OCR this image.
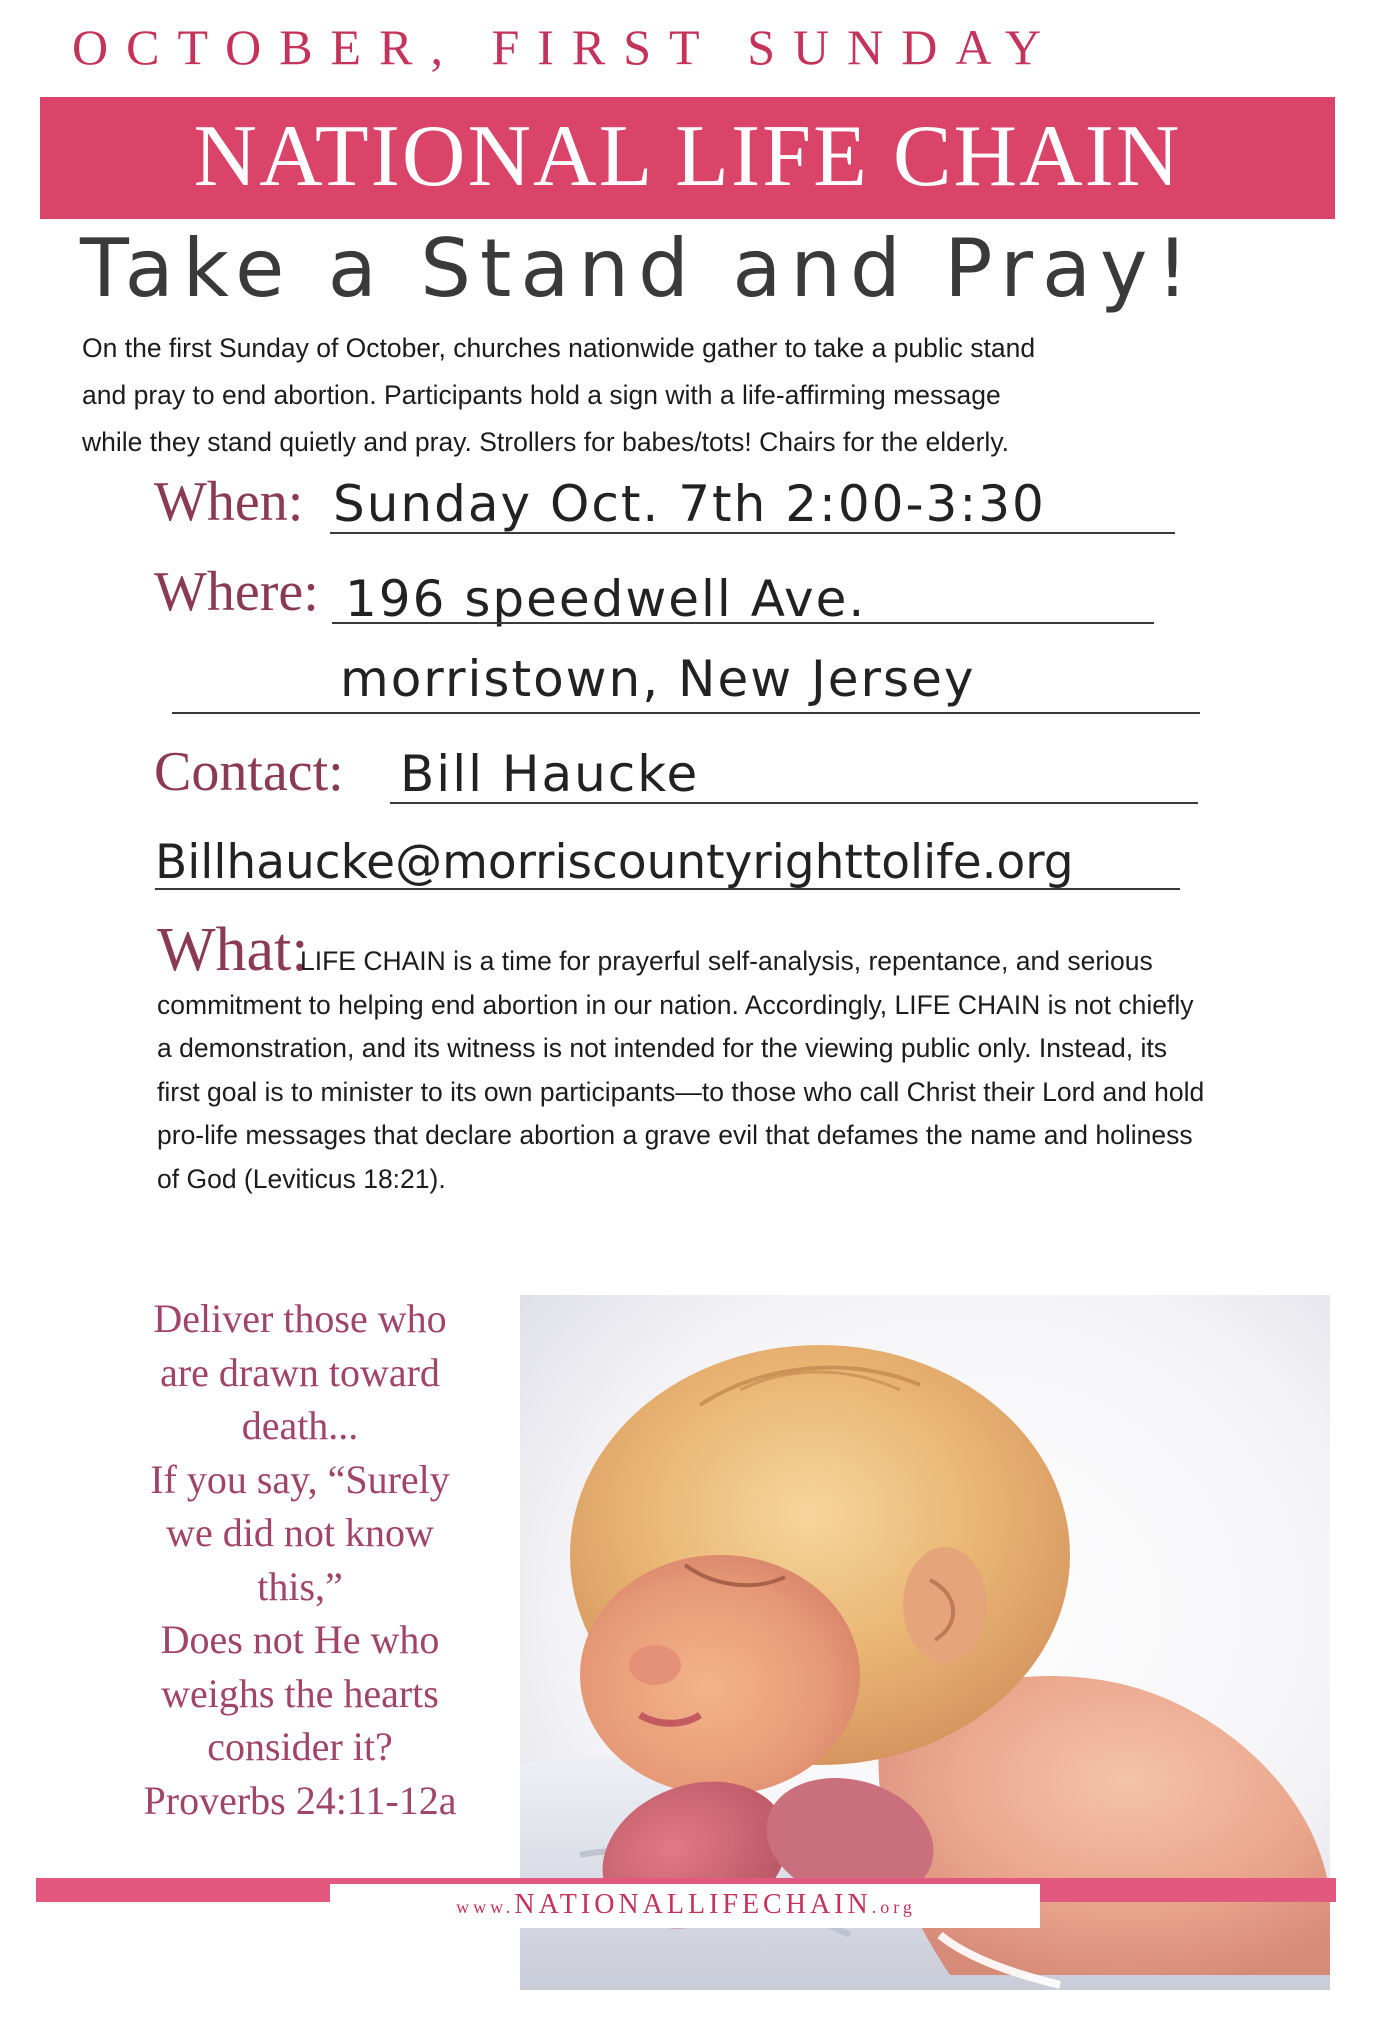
OCTOBER, FIRST SUNDAY
NATIONAL LIFE CHAIN
Take a Stand and Pray!
On the first Sunday of October, churches nationwide gather to take a public stand
and pray to end abortion. Participants hold a sign with a life-affirming message
while they stand quietly and pray. Strollers for babes/tots! Chairs for the elderly.
When: Sunday Oct. 7th 2:00-3:30
Where: 196 speedwell Ave.
morristown, New Jersey
Contact: Bill Haucke
Billhaucke@morriscountyrighttolife.org
What:
LIFE CHAIN is a time for prayerful self-analysis, repentance, and serious commitment to helping end abortion in our nation. Accordingly, LIFE CHAIN is not chiefly a demonstration, and its witness is not intended for the viewing public only. Instead, its first goal is to minister to its own participants—to those who call Christ their Lord and hold pro-life messages that declare abortion a grave evil that defames the name and holiness of God (Leviticus 18:21).
Deliver those who
are drawn toward
death...
If you say, “Surely
we did not know
this,”
Does not He who
weighs the hearts
consider it?
Proverbs 24:11-12a
www.NATIONALLIFECHAIN.org
